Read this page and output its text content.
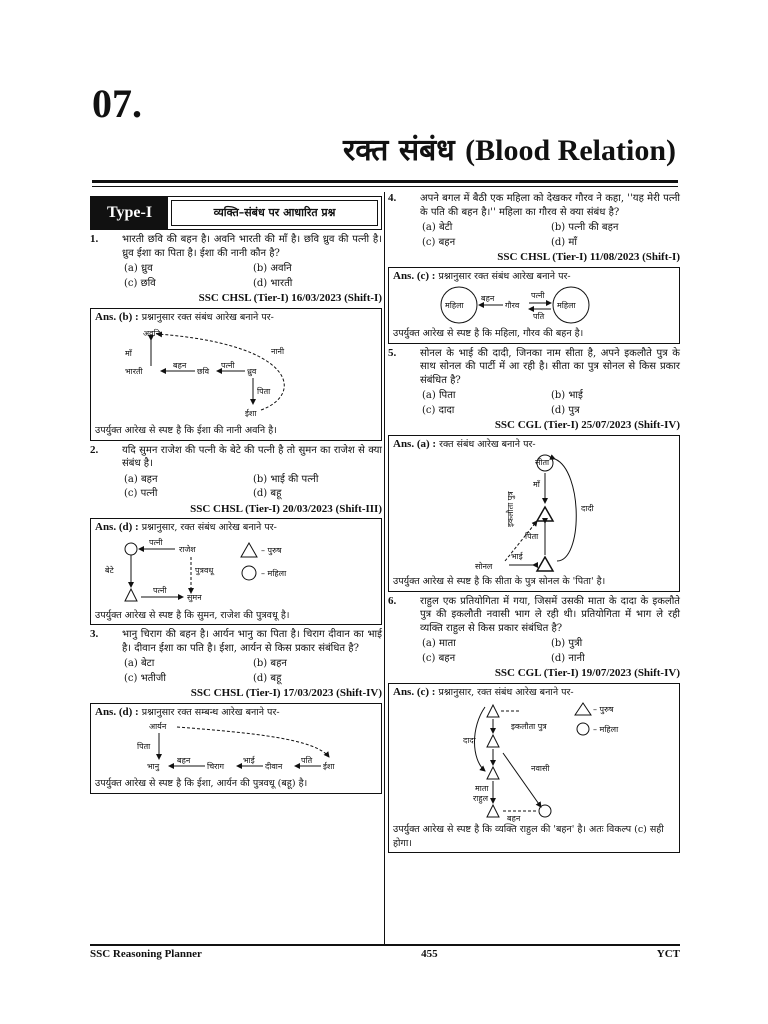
07.
रक्त संबंध (Blood Relation)
Type-I	व्यक्ति–संबंध पर आधारित प्रश्न
1.	भारती छवि की बहन है। अवनि भारती की माँ है। छवि ध्रुव की पत्नी है। ध्रुव ईशा का पिता है। ईशा की नानी कौन है?
(a) ध्रुव	(b) अवनि
(c) छवि	(d) भारती
SSC CHSL (Tier-I) 16/03/2023 (Shift-I)
Ans. (b) : प्रश्नानुसार रक्त संबंध आरेख बनाने पर-
अवनि
माँ
भारती
बहन
छवि
पत्नी
ध्रुव
पिता
ईशा
नानी
उपर्युक्त आरेख से स्पष्ट है कि ईशा की नानी अवनि है।
2.	यदि सुमन राजेश की पत्नी के बेटे की पत्नी है तो सुमन का राजेश से क्या संबंध है।
(a) बहन	(b) भाई की पत्नी
(c) पत्नी	(d) बहू
SSC CHSL (Tier-I) 20/03/2023 (Shift-III)
Ans. (d) : प्रश्नानुसार, रक्त संबंध आरेख बनाने पर-
पत्नी
राजेश
बेटे	पुत्रवधू
पत्नी
सुमन
– पुरुष
– महिला
उपर्युक्त आरेख से स्पष्ट है कि सुमन, राजेश की पुत्रवधू है।
3.	भानु चिराग की बहन है। आर्यन भानु का पिता है। चिराग दीवान का भाई है। दीवान ईशा का पति है। ईशा, आर्यन से किस प्रकार संबंधित है?
(a) बेटा	(b) बहन
(c) भतीजी	(d) बहू
SSC CHSL (Tier-I) 17/03/2023 (Shift-IV)
Ans. (d) : प्रश्नानुसार रक्त सम्बन्ध आरेख बनाने पर-
आर्यन
पिता
भानु
बहन
चिराग
भाई
दीवान
पति
ईशा
उपर्युक्त आरेख से स्पष्ट है कि ईशा, आर्यन की पुत्रवधू (बहू) है।
4.	अपने बगल में बैठी एक महिला को देखकर गौरव ने कहा, ''यह मेरी पत्नी के पति की बहन है।'' महिला का गौरव से क्या संबंध है?
(a) बेटी	(b) पत्नी की बहन
(c) बहन	(d) माँ
SSC CHSL (Tier-I) 11/08/2023 (Shift-I)
Ans. (c) : प्रश्नानुसार रक्त संबंध आरेख बनाने पर-
महिला
बहन
गौरव
पत्नी
पति
महिला
उपर्युक्त आरेख से स्पष्ट है कि महिला, गौरव की बहन है।
5.	सोनल के भाई की दादी, जिनका नाम सीता है, अपने इकलौते पुत्र के साथ सोनल की पार्टी में आ रही है। सीता का पुत्र सोनल से किस प्रकार संबंधित है?
(a) पिता	(b) भाई
(c) दादा	(d) पुत्र
SSC CGL (Tier-I) 25/07/2023 (Shift-IV)
Ans. (a) : रक्त संबंध आरेख बनाने पर-
सीता
इकलौता पुत्र
माँ
पिता
दादी
भाई
सोनल
उपर्युक्त आरेख से स्पष्ट है कि सीता के पुत्र सोनल के 'पिता' है।
6.	राहुल एक प्रतियोगिता में गया, जिसमें उसकी माता के दादा के इकलौते पुत्र की इकलौती नवासी भाग ले रही थी। प्रतियोगिता में भाग ले रही व्यक्ति राहुल से किस प्रकार संबंधित है?
(a) माता	(b) पुत्री
(c) बहन	(d) नानी
SSC CGL (Tier-I) 19/07/2023 (Shift-IV)
Ans. (c) : प्रश्नानुसार, रक्त संबंध आरेख बनाने पर-
दादा
इकलौता पुत्र
माता
राहुल
नवासी
बहन
– पुरुष
– महिला
उपर्युक्त आरेख से स्पष्ट है कि व्यक्ति राहुल की 'बहन' है। अतः विकल्प (c) सही होगा।
SSC Reasoning Planner	455	YCT
